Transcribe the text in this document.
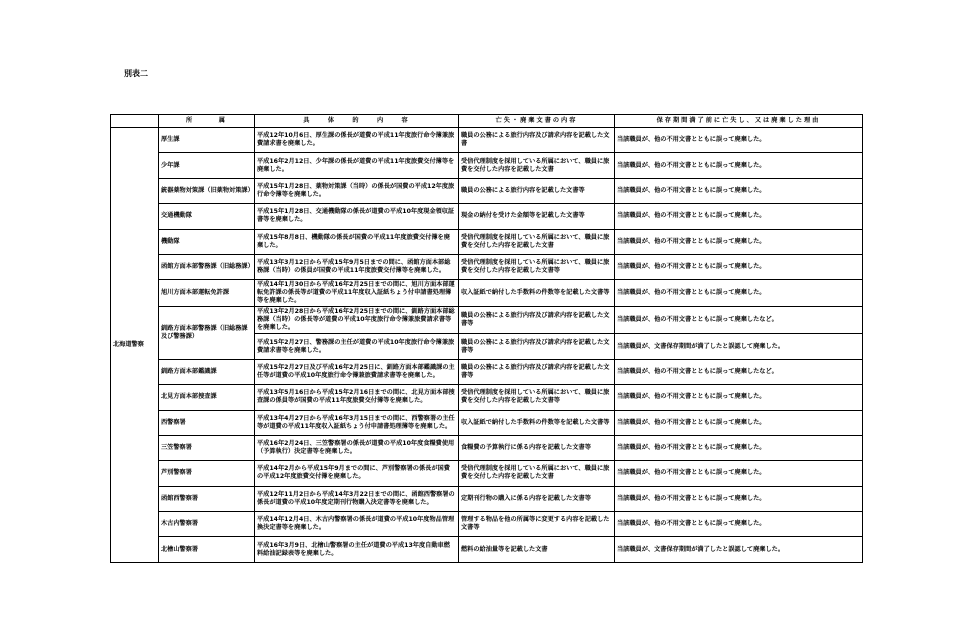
別表二
	所　　　属	具　　体　　的　　内　　容	亡失・廃棄文書の内容	保存期間満了前に亡失し、又は廃棄した理由
北海道警察	厚生課	平成12年10月6日、厚生課の係長が道費の平成11年度旅行命令簿兼旅費請求書を廃棄した。	職員の公務による旅行内容及び請求内容を記載した文書	当該職員が、他の不用文書とともに誤って廃棄した。
	少年課	平成16年2月12日、少年課の係長が道費の平成11年度旅費交付簿等を廃棄した。	受信代理制度を採用している所属において、職員に旅費を交付した内容を記載した文書	当該職員が、他の不用文書とともに誤って廃棄した。
	銃器薬物対策課（旧薬物対策課）	平成15年1月28日、薬物対策課（当時）の係長が国費の平成12年度旅行命令簿等を廃棄した。	職員の公務による旅行内容を記載した文書等	当該職員が、他の不用文書とともに誤って廃棄した。
	交通機動隊	平成15年1月28日、交通機動隊の係長が道費の平成10年度現金領収証書等を廃棄した。	現金の納付を受けた金額等を記載した文書等	当該職員が、他の不用文書とともに誤って廃棄した。
	機動隊	平成15年8月8日、機動隊の係長が国費の平成11年度旅費交付簿を廃棄した。	受信代理制度を採用している所属において、職員に旅費を交付した内容を記載した文書	当該職員が、他の不用文書とともに誤って廃棄した。
	函館方面本部警務課（旧総務課）	平成13年3月12日から平成15年9月5日までの間に、函館方面本部総務課（当時）の係員が国費の平成11年度旅費交付簿等を廃棄した。	受信代理制度を採用している所属において、職員に旅費を交付した内容を記載した文書等	当該職員が、他の不用文書とともに誤って廃棄した。
	旭川方面本部運転免許課	平成14年1月30日から平成16年2月25日までの間に、旭川方面本部運転免許課の係長等が道費の平成11年度収入証紙ちょう付申請書処理簿等を廃棄した。	収入証紙で納付した手数料の件数等を記載した文書等	当該職員が、他の不用文書とともに誤って廃棄した。
	釧路方面本部警務課（旧総務課及び警務課）	平成13年2月28日から平成16年2月25日までの間に、釧路方面本部総務課（当時）の係長等が道費の平成10年度旅行命令簿兼旅費請求書等を廃棄した。	職員の公務による旅行内容及び請求内容を記載した文書等	当該職員が、他の不用文書とともに誤って廃棄したなど。
		平成15年2月27日、警務課の主任が道費の平成10年度旅行命令簿兼旅費請求書等を廃棄した。	職員の公務による旅行内容及び請求内容を記載した文書等	当該職員が、文書保存期間が満了したと誤認して廃棄した。
	釧路方面本部鑑識課	平成15年2月27日及び平成16年2月25日に、釧路方面本部鑑識課の主任等が道費の平成10年度旅行命令簿兼旅費請求書等を廃棄した。	職員の公務による旅行内容及び請求内容を記載した文書等	当該職員が、他の不用文書とともに誤って廃棄したなど。
	北見方面本部捜査課	平成13年5月16日から平成15年2月16日までの間に、北見方面本部捜査課の係員等が国費の平成11年度旅費交付簿等を廃棄した。	受信代理制度を採用している所属において、職員に旅費を交付した内容を記載した文書等	当該職員が、他の不用文書とともに誤って廃棄した。
	西警察署	平成13年4月27日から平成16年3月15日までの間に、西警察署の主任等が道費の平成11年度収入証紙ちょう付申請書処理簿等を廃棄した。	収入証紙で納付した手数料の件数等を記載した文書等	当該職員が、他の不用文書とともに誤って廃棄した。
	三笠警察署	平成16年2月24日、三笠警察署の係長が道費の平成10年度食糧費使用（予算執行）決定書等を廃棄した。	食糧費の予算執行に係る内容を記載した文書等	当該職員が、他の不用文書とともに誤って廃棄した。
	芦別警察署	平成14年2月から平成15年9月までの間に、芦別警察署の係長が国費の平成12年度旅費交付簿を廃棄した。	受信代理制度を採用している所属において、職員に旅費を交付した内容を記載した文書	当該職員が、他の不用文書とともに誤って廃棄した。
	函館西警察署	平成12年11月2日から平成14年3月22日までの間に、函館西警察署の係長が道費の平成10年度定期刊行物購入決定書等を廃棄した。	定期刊行物の購入に係る内容を記載した文書等	当該職員が、他の不用文書とともに誤って廃棄した。
	木古内警察署	平成14年12月4日、木古内警察署の係長が道費の平成10年度物品管理換決定書等を廃棄した。	管理する物品を他の所属等に変更する内容を記載した文書等	当該職員が、他の不用文書とともに誤って廃棄した。
	北檜山警察署	平成16年3月9日、北檜山警察署の主任が道費の平成13年度自動車燃料給油記録表等を廃棄した。	燃料の給油量等を記載した文書	当該職員が、文書保存期間が満了したと誤認して廃棄した。
